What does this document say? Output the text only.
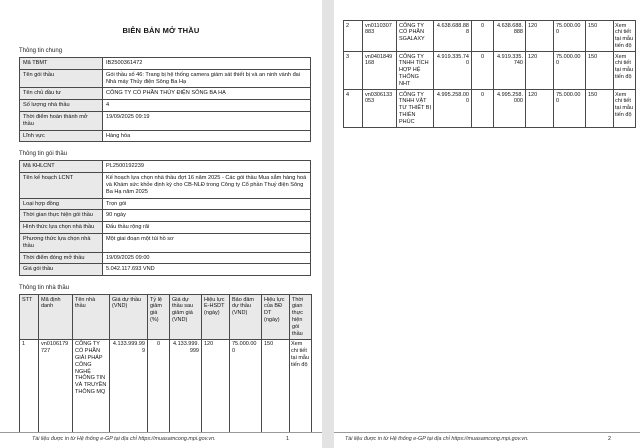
BIÊN BẢN MỞ THẦU
Thông tin chung
Mã TBMT	IB2500361472
Tên gói thầu	Gói thầu số 46: Trang bị hệ thống camera giám sát thiết bị và an ninh vành đai Nhà máy Thủy điện Sông Ba Hạ
Tên chủ đầu tư	CÔNG TY CỔ PHẦN THỦY ĐIỆN SÔNG BA HẠ
Số lượng nhà thầu	4
Thời điểm hoàn thành mở thầu	19/09/2025 09:19
Lĩnh vực	Hàng hóa
Thông tin gói thầu
Mã KHLCNT	PL2500192239
Tên kế hoạch LCNT	Kế hoạch lựa chọn nhà thầu đợt 16 năm 2025 - Các gói thầu Mua sắm hàng hoá và Khám sức khỏe định kỳ cho CB-NLĐ trong Công ty Cổ phần Thuỷ điện Sông Ba Hạ năm 2025
Loại hợp đồng	Trọn gói
Thời gian thực hiện gói thầu	90 ngày
Hình thức lựa chọn nhà thầu	Đấu thầu rộng rãi
Phương thức lựa chọn nhà thầu	Một giai đoạn một túi hồ sơ
Thời điểm đóng mở thầu	19/09/2025 09:00
Giá gói thầu	5.042.117.693 VND
Thông tin nhà thầu
STT	Mã định danh	Tên nhà thầu	Giá dự thầu (VND)	Tỷ lệ giảm giá (%)	Giá dự thầu sau giảm giá (VND)	Hiệu lực E-HSDT (ngày)	Bảo đảm dự thầu (VND)	Hiệu lực của BĐ DT (ngày)	Thời gian thực hiện gói thầu
1	vn0106179727	CÔNG TY CỔ PHẦN GIẢI PHÁP CÔNG NGHỆ THÔNG TIN VÀ TRUYỀN THÔNG MQ	4.133.999.999	0	4.133.999.999	120	75.000.000	150	Xem chi tiết tại mẫu tiến độ
Tài liệu được in từ Hệ thống e-GP tại địa chỉ https://muasamcong.mpi.gov.vn.	1
2	vn0110307883	CÔNG TY CỔ PHẦN SGALAXY	4.638.688.888	0	4.638.688.888	120	75.000.000	150	Xem chi tiết tại mẫu tiến độ
3	vn0401849168	CÔNG TY TNHH TÍCH HỢP HỆ THỐNG NHT	4.919.335.740	0	4.919.335.740	120	75.000.000	150	Xem chi tiết tại mẫu tiến độ
4	vn0306133053	CÔNG TY TNHH VẬT TƯ THIẾT BỊ THIÊN PHÚC	4.995.258.000	0	4.995.258.000	120	75.000.000	150	Xem chi tiết tại mẫu tiến độ
Tài liệu được in từ Hệ thống e-GP tại địa chỉ https://muasamcong.mpi.gov.vn.	2
